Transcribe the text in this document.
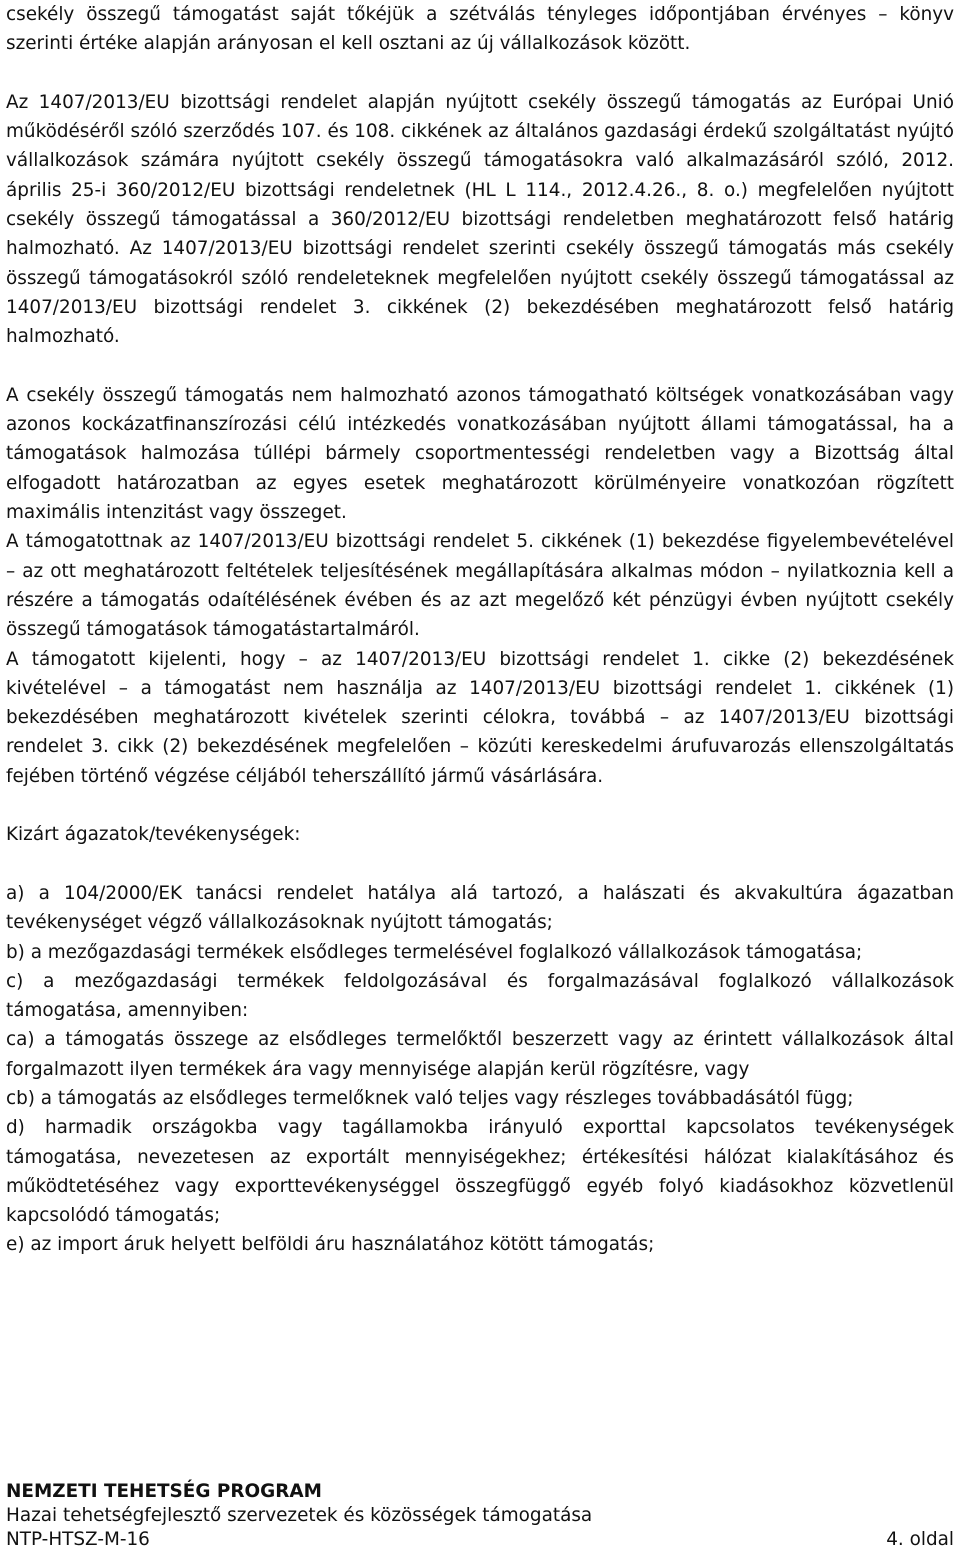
csekély összegű támogatást saját tőkéjük a szétválás tényleges időpontjában érvényes – könyv szerinti értéke alapján arányosan el kell osztani az új vállalkozások között.

Az 1407/2013/EU bizottsági rendelet alapján nyújtott csekély összegű támogatás az Európai Unió működéséről szóló szerződés 107. és 108. cikkének az általános gazdasági érdekű szolgáltatást nyújtó vállalkozások számára nyújtott csekély összegű támogatásokra való alkalmazásáról szóló, 2012. április 25-i 360/2012/EU bizottsági rendeletnek (HL L 114., 2012.4.26., 8. o.) megfelelően nyújtott csekély összegű támogatással a 360/2012/EU bizottsági rendeletben meghatározott felső határig halmozható. Az 1407/2013/EU bizottsági rendelet szerinti csekély összegű támogatás más csekély összegű támogatásokról szóló rendeleteknek megfelelően nyújtott csekély összegű támogatással az 1407/2013/EU bizottsági rendelet 3. cikkének (2) bekezdésében meghatározott felső határig halmozható.

A csekély összegű támogatás nem halmozható azonos támogatható költségek vonatkozásában vagy azonos kockázatfinanszírozási célú intézkedés vonatkozásában nyújtott állami támogatással, ha a támogatások halmozása túllépi bármely csoportmentességi rendeletben vagy a Bizottság által elfogadott határozatban az egyes esetek meghatározott körülményeire vonatkozóan rögzített maximális intenzitást vagy összeget.

A támogatottnak az 1407/2013/EU bizottsági rendelet 5. cikkének (1) bekezdése figyelembevételével – az ott meghatározott feltételek teljesítésének megállapítására alkalmas módon – nyilatkoznia kell a részére a támogatás odaítélésének évében és az azt megelőző két pénzügyi évben nyújtott csekély összegű támogatások támogatástartalmáról.

A támogatott kijelenti, hogy – az 1407/2013/EU bizottsági rendelet 1. cikke (2) bekezdésének kivételével – a támogatást nem használja az 1407/2013/EU bizottsági rendelet 1. cikkének (1) bekezdésében meghatározott kivételek szerinti célokra, továbbá – az 1407/2013/EU bizottsági rendelet 3. cikk (2) bekezdésének megfelelően – közúti kereskedelmi árufuvarozás ellenszolgáltatás fejében történő végzése céljából teherszállító jármű vásárlására.

Kizárt ágazatok/tevékenységek:

a) a 104/2000/EK tanácsi rendelet hatálya alá tartozó, a halászati és akvakultúra ágazatban tevékenységet végző vállalkozásoknak nyújtott támogatás;

b) a mezőgazdasági termékek elsődleges termelésével foglalkozó vállalkozások támogatása;

c) a mezőgazdasági termékek feldolgozásával és forgalmazásával foglalkozó vállalkozások támogatása, amennyiben:

ca) a támogatás összege az elsődleges termelőktől beszerzett vagy az érintett vállalkozások által forgalmazott ilyen termékek ára vagy mennyisége alapján kerül rögzítésre, vagy

cb) a támogatás az elsődleges termelőknek való teljes vagy részleges továbbadásától függ;

d) harmadik országokba vagy tagállamokba irányuló exporttal kapcsolatos tevékenységek támogatása, nevezetesen az exportált mennyiségekhez; értékesítési hálózat kialakításához és működtetéséhez vagy exporttevékenységgel összegfüggő egyéb folyó kiadásokhoz közvetlenül kapcsolódó támogatás;

e) az import áruk helyett belföldi áru használatához kötött támogatás;

NEMZETI TEHETSÉG PROGRAM
Hazai tehetségfejlesztő szervezetek és közösségek támogatása
NTP-HTSZ-M-16	4. oldal
